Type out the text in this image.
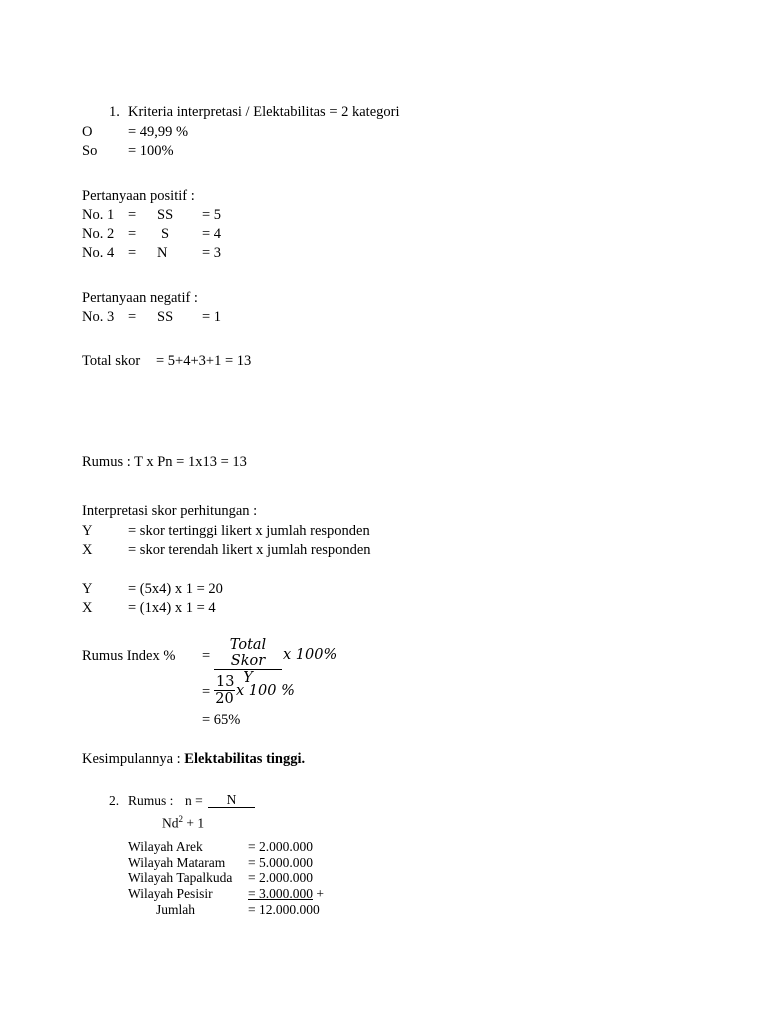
1. Kriteria interpretasi / Elektabilitas = 2 kategori
O = 49,99 %
So = 100%
Pertanyaan positif :
No. 1 = SS = 5
No. 2 = S = 4
No. 4 = N = 3
Pertanyaan negatif :
No. 3 = SS = 1
Total skor = 5+4+3+1 = 13
Rumus : T x Pn = 1x13 = 13
Interpretasi skor perhitungan :
Y = skor tertinggi likert x jumlah responden
X = skor terendah likert x jumlah responden
Y = (5x4) x 1 = 20
X = (1x4) x 1 = 4
Rumus Index % =
Total Skor
Y
x 100%
=
13
20 x 100 %
= 65%
Kesimpulannya : Elektabilitas tinggi.
2. Rumus : n =	N
$Nd^2 + 1$
Wilayah Arek	= 2.000.000
Wilayah Mataram = 5.000.000
Wilayah Tapalkuda = 2.000.000
Wilayah Pesisir	= 3.000.000 +
Jumlah	= 12.000.000
